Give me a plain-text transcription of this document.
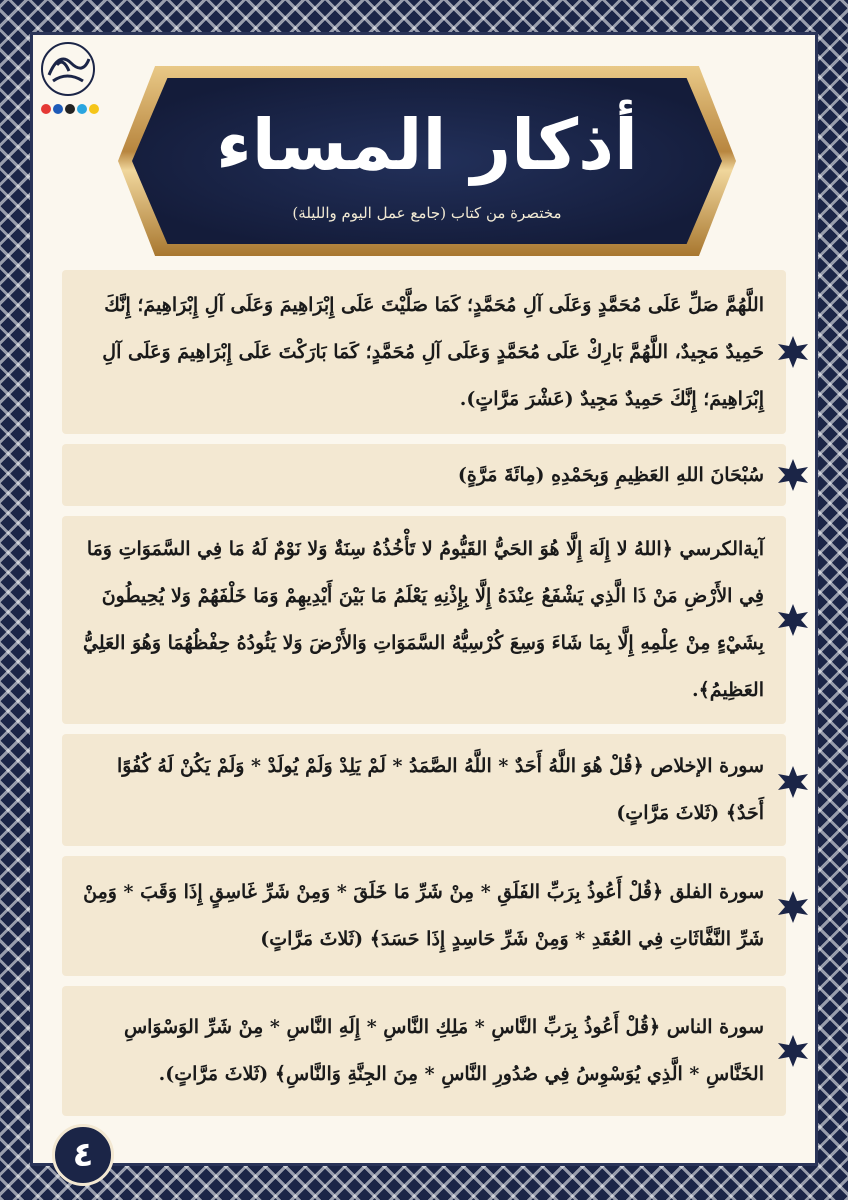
أذكار المساء
مختصرة من كتاب (جامع عمل اليوم والليلة)

اللَّهُمَّ صَلِّ عَلَى مُحَمَّدٍ وَعَلَى آلِ مُحَمَّدٍ؛ كَمَا صَلَّيْتَ عَلَى إِبْرَاهِيمَ وَعَلَى آلِ إِبْرَاهِيمَ؛ إِنَّكَ حَمِيدٌ مَجِيدٌ، اللَّهُمَّ بَارِكْ عَلَى مُحَمَّدٍ وَعَلَى آلِ مُحَمَّدٍ؛ كَمَا بَارَكْتَ عَلَى إِبْرَاهِيمَ وَعَلَى آلِ إِبْرَاهِيمَ؛ إِنَّكَ حَمِيدٌ مَجِيدٌ (عَشْرَ مَرَّاتٍ).

سُبْحَانَ اللهِ العَظِيمِ وَبِحَمْدِهِ (مِائَةَ مَرَّةٍ)

آيةالكرسي ﴿اللهُ لا إِلَهَ إِلَّا هُوَ الحَيُّ القَيُّومُ لا تَأْخُذُهُ سِنَةٌ وَلا نَوْمٌ لَهُ مَا فِي السَّمَوَاتِ وَمَا فِي الأَرْضِ مَنْ ذَا الَّذِي يَشْفَعُ عِنْدَهُ إِلَّا بِإِذْنِهِ يَعْلَمُ مَا بَيْنَ أَيْدِيهِمْ وَمَا خَلْفَهُمْ وَلا يُحِيطُونَ بِشَيْءٍ مِنْ عِلْمِهِ إِلَّا بِمَا شَاءَ وَسِعَ كُرْسِيُّهُ السَّمَوَاتِ وَالأَرْضَ وَلا يَئُودُهُ حِفْظُهُمَا وَهُوَ العَلِيُّ العَظِيمُ﴾.

سورة الإخلاص ﴿قُلْ هُوَ اللَّهُ أَحَدٌ * اللَّهُ الصَّمَدُ * لَمْ يَلِدْ وَلَمْ يُولَدْ * وَلَمْ يَكُنْ لَهُ كُفُوًا أَحَدٌ﴾ (ثَلاثَ مَرَّاتٍ)

سورة الفلق ﴿قُلْ أَعُوذُ بِرَبِّ الفَلَقِ * مِنْ شَرِّ مَا خَلَقَ * وَمِنْ شَرِّ غَاسِقٍ إِذَا وَقَبَ * وَمِنْ شَرِّ النَّفَّاثَاتِ فِي العُقَدِ * وَمِنْ شَرِّ حَاسِدٍ إِذَا حَسَدَ﴾ (ثَلاثَ مَرَّاتٍ)

سورة الناس ﴿قُلْ أَعُوذُ بِرَبِّ النَّاسِ * مَلِكِ النَّاسِ * إِلَهِ النَّاسِ * مِنْ شَرِّ الوَسْوَاسِ الخَنَّاسِ * الَّذِي يُوَسْوِسُ فِي صُدُورِ النَّاسِ * مِنَ الجِنَّةِ وَالنَّاسِ﴾ (ثَلاثَ مَرَّاتٍ).

٤
